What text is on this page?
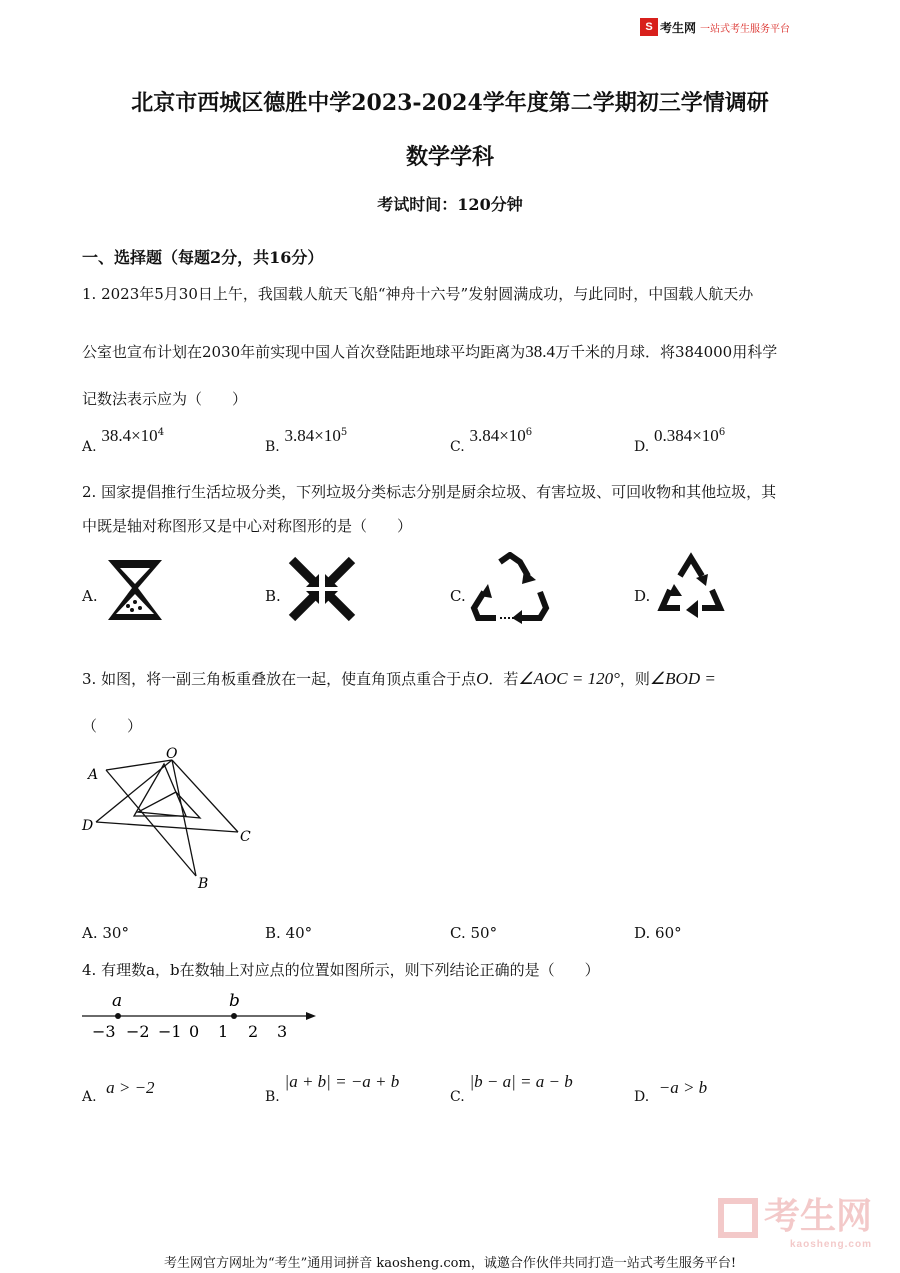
S 考生网 一站式考生服务平台
北京市西城区德胜中学2023-2024学年度第二学期初三学情调研
数学学科
考试时间：120分钟
一、选择题（每题2分，共16分）
1. 2023年5月30日上午，我国载人航天飞船“神舟十六号”发射圆满成功，与此同时，中国载人航天办
公室也宣布计划在2030年前实现中国人首次登陆距地球平均距离为38.4万千米的月球．将384000用科学
记数法表示应为（　　）
A. $38.4\times 10^4$
B. $3.84\times 10^5$
C. $3.84\times 10^6$
D. $0.384\times 10^6$
2. 国家提倡推行生活垃圾分类，下列垃圾分类标志分别是厨余垃圾、有害垃圾、可回收物和其他垃圾，其
中既是轴对称图形又是中心对称图形的是（　　）
A.	B.	C.	D.
3. 如图，将一副三角板重叠放在一起，使直角顶点重合于点O．若∠AOC = 120°，则∠BOD =
（　　）
O
A
D
C
B
A. 30°	B. 40°	C. 50°	D. 60°
4. 有理数a，b在数轴上对应点的位置如图所示，则下列结论正确的是（　　）
a	b
−3 −2 −1 0 1 2 3
A. a > −2	B. |a + b| = −a + b
C. |b − a| = a − b
D. −a > b
考生网
kaosheng.com
考生网官方网址为“考生”通用词拼音 kaosheng.com，诚邀合作伙伴共同打造一站式考生服务平台!
